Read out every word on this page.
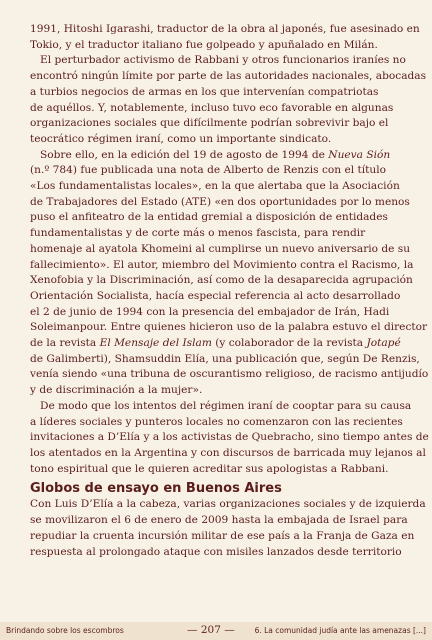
1991, Hitoshi Igarashi, traductor de la obra al japonés, fue asesinado en

Tokio, y el traductor italiano fue golpeado y apuñalado en Milán.

El perturbador activismo de Rabbani y otros funcionarios iraníes no

encontró ningún límite por parte de las autoridades nacionales, abocadas

a turbios negocios de armas en los que intervenían compatriotas

de aquéllos. Y, notablemente, incluso tuvo eco favorable en algunas

organizaciones sociales que difícilmente podrían sobrevivir bajo el

teocrático régimen iraní, como un importante sindicato.

Sobre ello, en la edición del 19 de agosto de 1994 de Nueva Sión

(n.º 784) fue publicada una nota de Alberto de Renzis con el título

«Los fundamentalistas locales», en la que alertaba que la Asociación

de Trabajadores del Estado (ATE) «en dos oportunidades por lo menos

puso el anfiteatro de la entidad gremial a disposición de entidades

fundamentalistas y de corte más o menos fascista, para rendir

homenaje al ayatola Khomeini al cumplirse un nuevo aniversario de su

fallecimiento». El autor, miembro del Movimiento contra el Racismo, la

Xenofobia y la Discriminación, así como de la desaparecida agrupación

Orientación Socialista, hacía especial referencia al acto desarrollado

el 2 de junio de 1994 con la presencia del embajador de Irán, Hadi

Soleimanpour. Entre quienes hicieron uso de la palabra estuvo el director

de la revista El Mensaje del Islam (y colaborador de la revista Jotapé

de Galimberti), Shamsuddin Elía, una publicación que, según De Renzis,

venía siendo «una tribuna de oscurantismo religioso, de racismo antijudío

y de discriminación a la mujer».

De modo que los intentos del régimen iraní de cooptar para su causa

a líderes sociales y punteros locales no comenzaron con las recientes

invitaciones a D’Elía y a los activistas de Quebracho, sino tiempo antes de

los atentados en la Argentina y con discursos de barricada muy lejanos al

tono espiritual que le quieren acreditar sus apologistas a Rabbani.

Globos de ensayo en Buenos Aires

Con Luis D’Elía a la cabeza, varias organizaciones sociales y de izquierda

se movilizaron el 6 de enero de 2009 hasta la embajada de Israel para

repudiar la cruenta incursión militar de ese país a la Franja de Gaza en

respuesta al prolongado ataque con misiles lanzados desde territorio

Brindando sobre los escombros	— 207 —	6. La comunidad judía ante las amenazas [...]
